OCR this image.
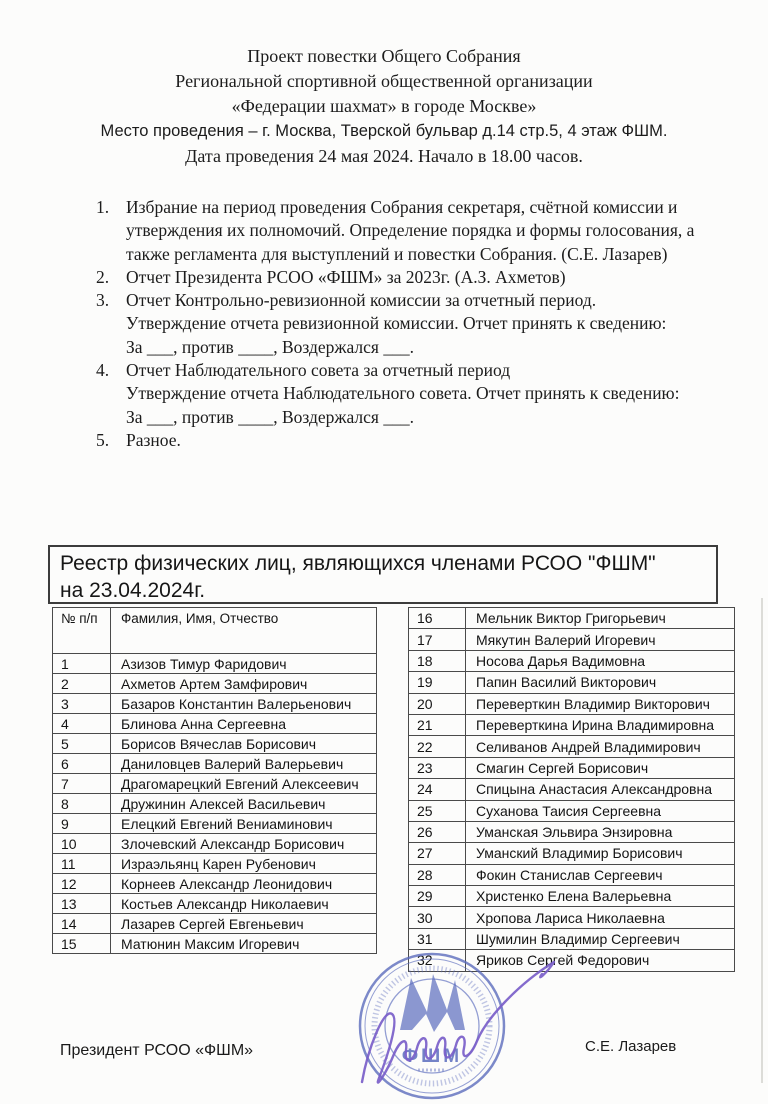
Проект повестки Общего Собрания
Региональной спортивной общественной организации
«Федерации шахмат» в городе Москве»
Место проведения – г. Москва, Тверской бульвар д.14 стр.5, 4 этаж ФШМ.
Дата проведения 24 мая 2024. Начало в 18.00 часов.
1. Избрание на период проведения Собрания секретаря, счётной комиссии и
утверждения их полномочий. Определение порядка и формы голосования, а
также регламента для выступлений и повестки Собрания. (С.Е. Лазарев)
2. Отчет Президента РСОО «ФШМ» за 2023г. (А.З. Ахметов)
3. Отчет Контрольно-ревизионной комиссии за отчетный период.
Утверждение отчета ревизионной комиссии. Отчет принять к сведению:
За ___, против ____, Воздержался ___.
4. Отчет Наблюдательного совета за отчетный период
Утверждение отчета Наблюдательного совета. Отчет принять к сведению:
За ___, против ____, Воздержался ___.
5. Разное.
Реестр физических лиц, являющихся членами РСОО "ФШМ"
на 23.04.2024г.
№ п/п	Фамилия, Имя, Отчество
1	Азизов Тимур Фаридович
2	Ахметов Артем Замфирович
3	Базаров Константин Валерьенович
4	Блинова Анна Сергеевна
5	Борисов Вячеслав Борисович
6	Даниловцев Валерий Валерьевич
7	Драгомарецкий Евгений Алексеевич
8	Дружинин Алексей Васильевич
9	Елецкий Евгений Вениаминович
10	Злочевский Александр Борисович
11	Израэльянц Карен Рубенович
12	Корнеев Александр Леонидович
13	Костьев Александр Николаевич
14	Лазарев Сергей Евгеньевич
15	Матюнин Максим Игоревич
16	Мельник Виктор Григорьевич
17	Мякутин Валерий Игоревич
18	Носова Дарья Вадимовна
19	Папин Василий Викторович
20	Переверткин Владимир Викторович
21	Переверткина Ирина Владимировна
22	Селиванов Андрей Владимирович
23	Смагин Сергей Борисович
24	Спицына Анастасия Александровна
25	Суханова Таисия Сергеевна
26	Уманская Эльвира Энзировна
27	Уманский Владимир Борисович
28	Фокин Станислав Сергеевич
29	Христенко Елена Валерьевна
30	Хропова Лариса Николаевна
31	Шумилин Владимир Сергеевич
32	Яриков Сергей Федорович
ФШМ
Президент РСОО «ФШМ»	С.Е. Лазарев
